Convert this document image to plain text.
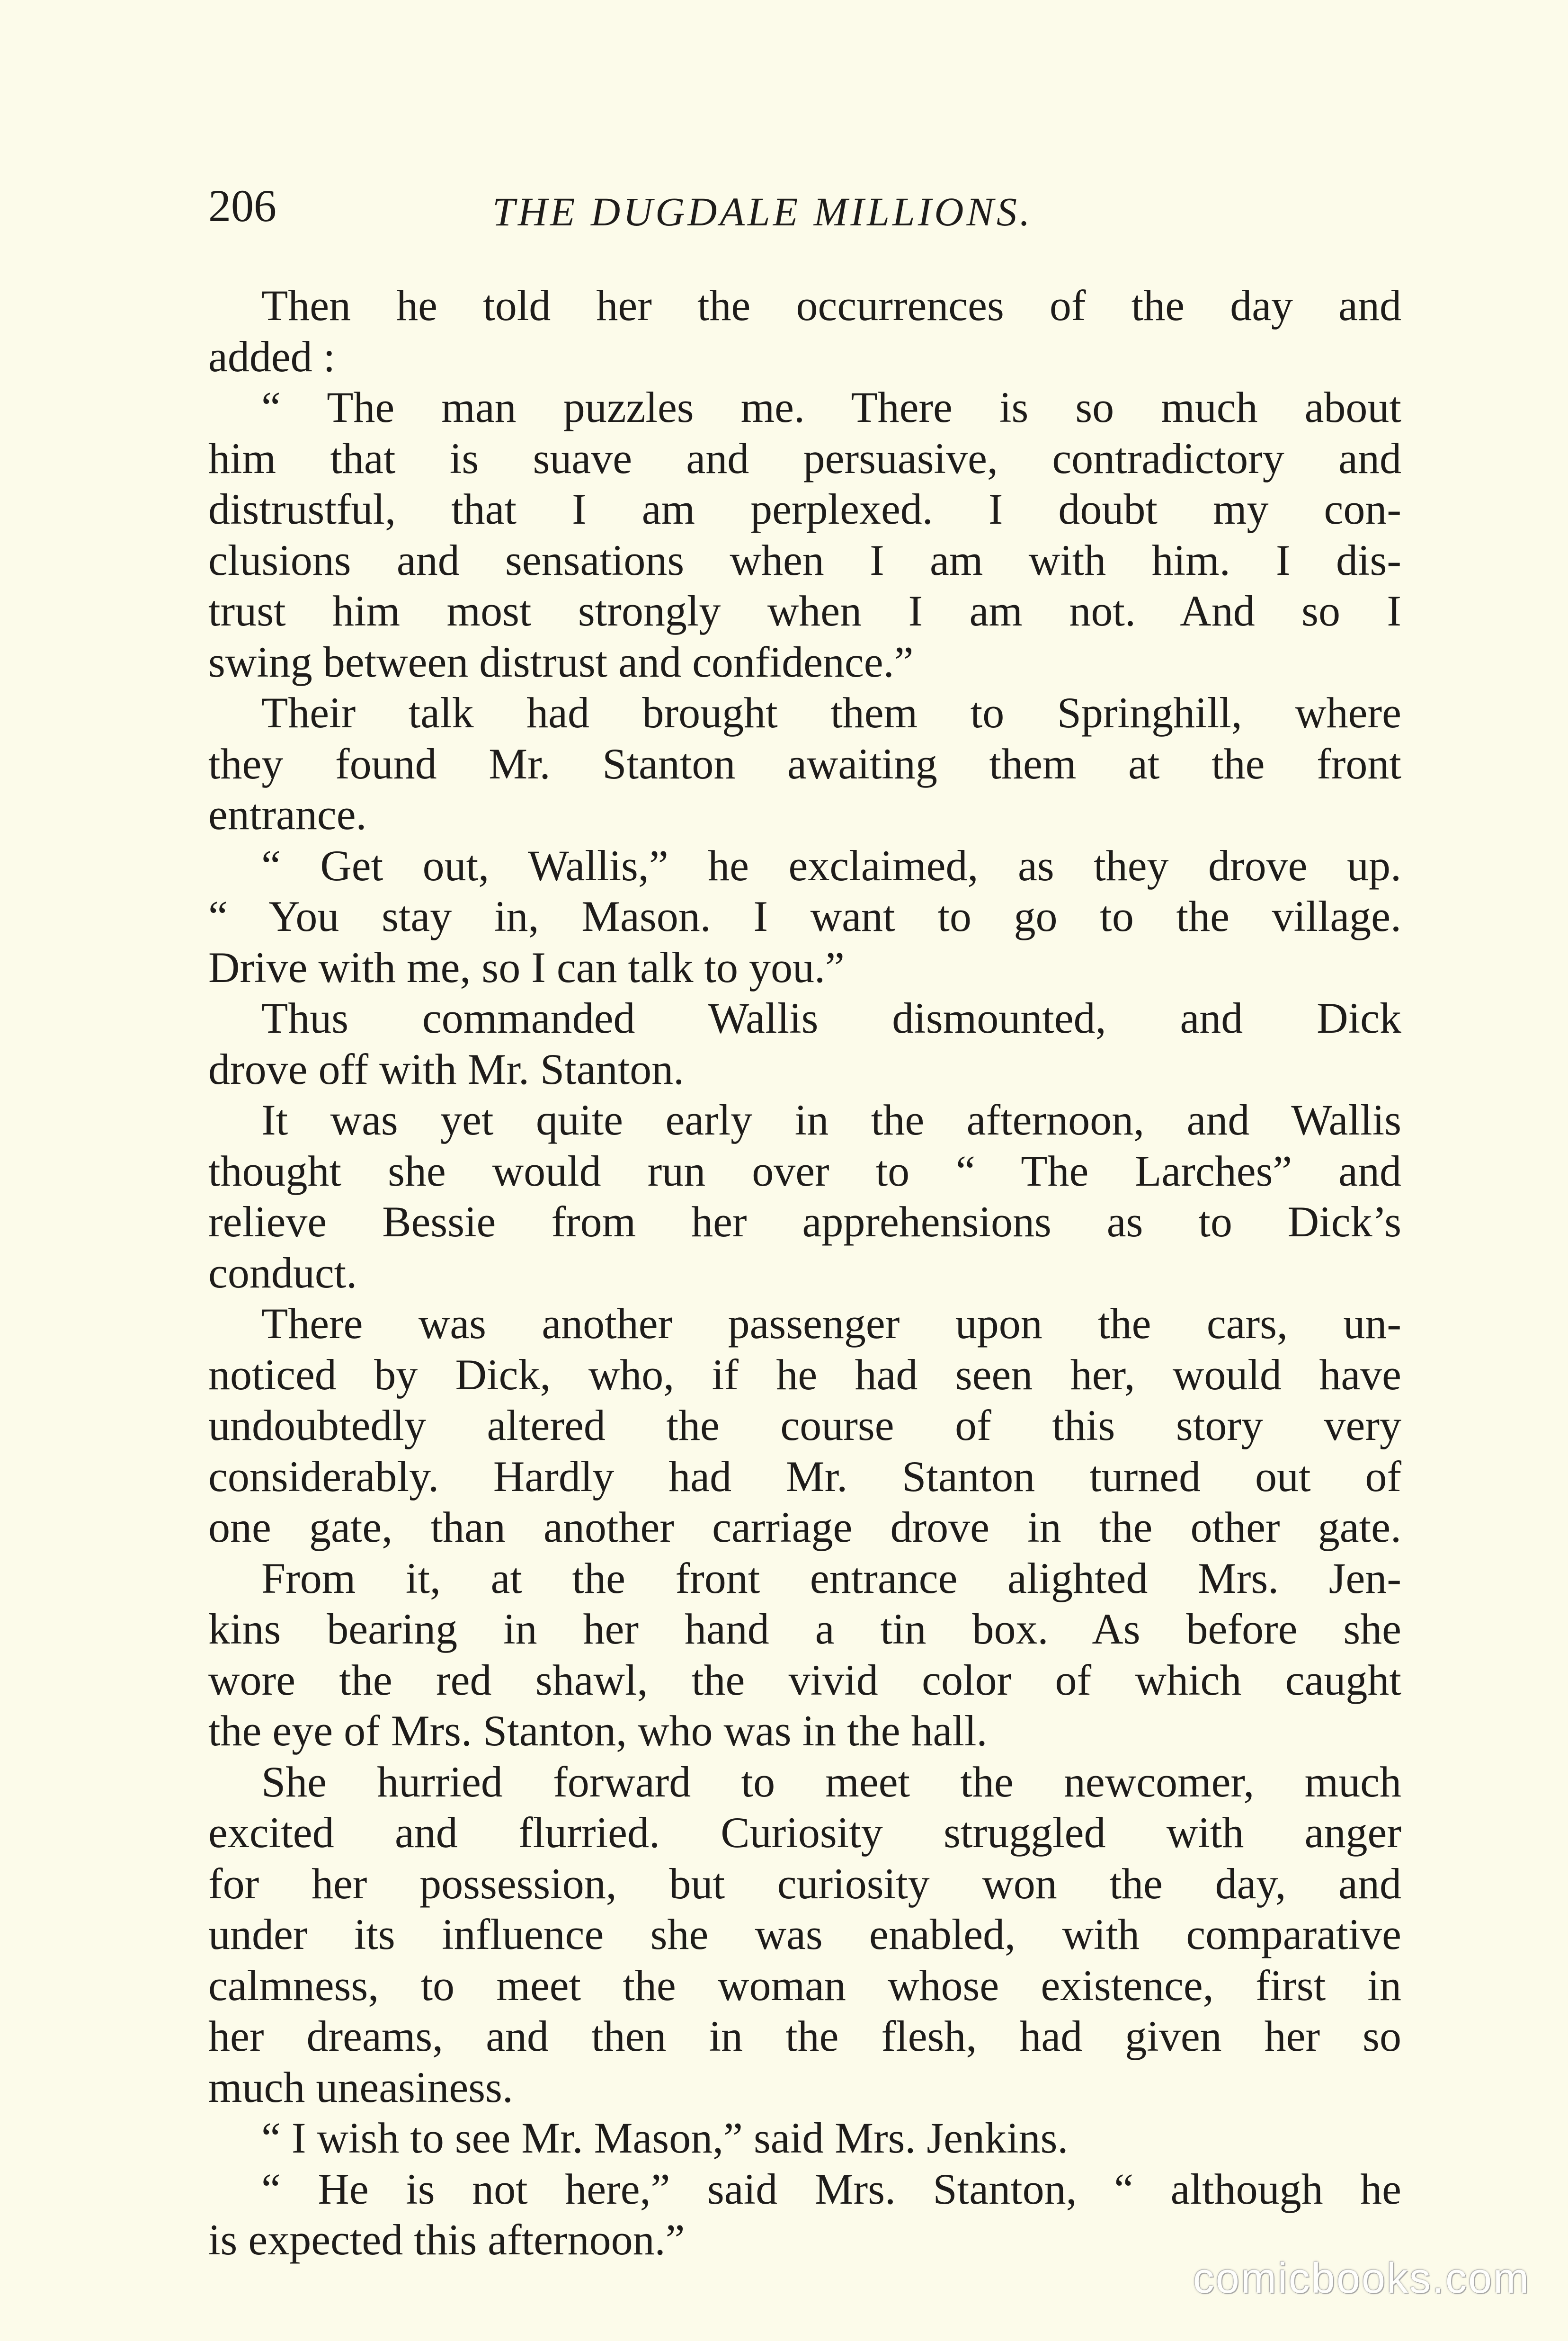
206	THE DUGDALE MILLIONS.
Then he told her the occurrences of the day and
added :
“ The man puzzles me. There is so much about
him that is suave and persuasive, contradictory and
distrustful, that I am perplexed. I doubt my con-
clusions and sensations when I am with him. I dis-
trust him most strongly when I am not. And so I
swing between distrust and confidence.”
Their talk had brought them to Springhill, where
they found Mr. Stanton awaiting them at the front
entrance.
“ Get out, Wallis,” he exclaimed, as they drove up.
“ You stay in, Mason. I want to go to the village.
Drive with me, so I can talk to you.”
Thus commanded Wallis dismounted, and Dick
drove off with Mr. Stanton.
It was yet quite early in the afternoon, and Wallis
thought she would run over to “ The Larches” and
relieve Bessie from her apprehensions as to Dick’s
conduct.
There was another passenger upon the cars, un-
noticed by Dick, who, if he had seen her, would have
undoubtedly altered the course of this story very
considerably. Hardly had Mr. Stanton turned out of
one gate, than another carriage drove in the other gate.
From it, at the front entrance alighted Mrs. Jen-
kins bearing in her hand a tin box. As before she
wore the red shawl, the vivid color of which caught
the eye of Mrs. Stanton, who was in the hall.
She hurried forward to meet the newcomer, much
excited and flurried. Curiosity struggled with anger
for her possession, but curiosity won the day, and
under its influence she was enabled, with comparative
calmness, to meet the woman whose existence, first in
her dreams, and then in the flesh, had given her so
much uneasiness.
“ I wish to see Mr. Mason,” said Mrs. Jenkins.
“ He is not here,” said Mrs. Stanton, “ although he
is expected this afternoon.”
comicbooks.com
